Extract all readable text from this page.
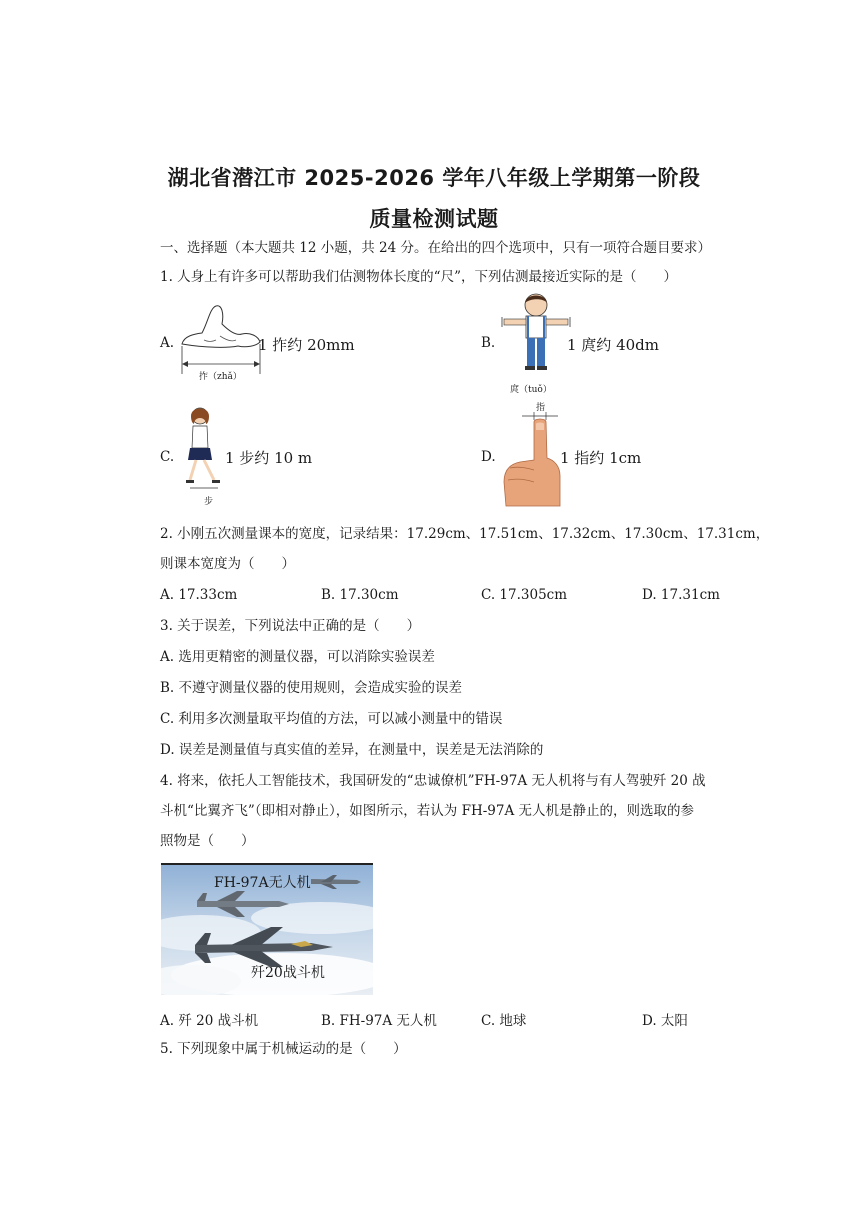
湖北省潜江市 2025-2026 学年八年级上学期第一阶段
质量检测试题
一、选择题（本大题共 12 小题，共 24 分。在给出的四个选项中，只有一项符合题目要求）
1. 人身上有许多可以帮助我们估测物体长度的“尺”，下列估测最接近实际的是（　　）
A.
拃（zhǎ）
1 拃约 20mm	B.
庹（tuǒ）
1 庹约 40dm
C.
步
1 步约 10 m	D.
指
1 指约 1cm
2. 小刚五次测量课本的宽度，记录结果：17.29cm、17.51cm、17.32cm、17.30cm、17.31cm，
则课本宽度为（　　）
A. 17.33cm	B. 17.30cm	C. 17.305cm	D. 17.31cm
3. 关于误差，下列说法中正确的是（　　）
A. 选用更精密的测量仪器，可以消除实验误差
B. 不遵守测量仪器的使用规则，会造成实验的误差
C. 利用多次测量取平均值的方法，可以减小测量中的错误
D. 误差是测量值与真实值的差异，在测量中，误差是无法消除的
4. 将来，依托人工智能技术，我国研发的“忠诚僚机”FH-97A 无人机将与有人驾驶歼 20 战
斗机“比翼齐飞”（即相对静止），如图所示，若认为 FH-97A 无人机是静止的，则选取的参
照物是（　　）
FH-97A无人机
歼20战斗机
A. 歼 20 战斗机	B. FH-97A 无人机	C. 地球	D. 太阳
5. 下列现象中属于机械运动的是（　　）
